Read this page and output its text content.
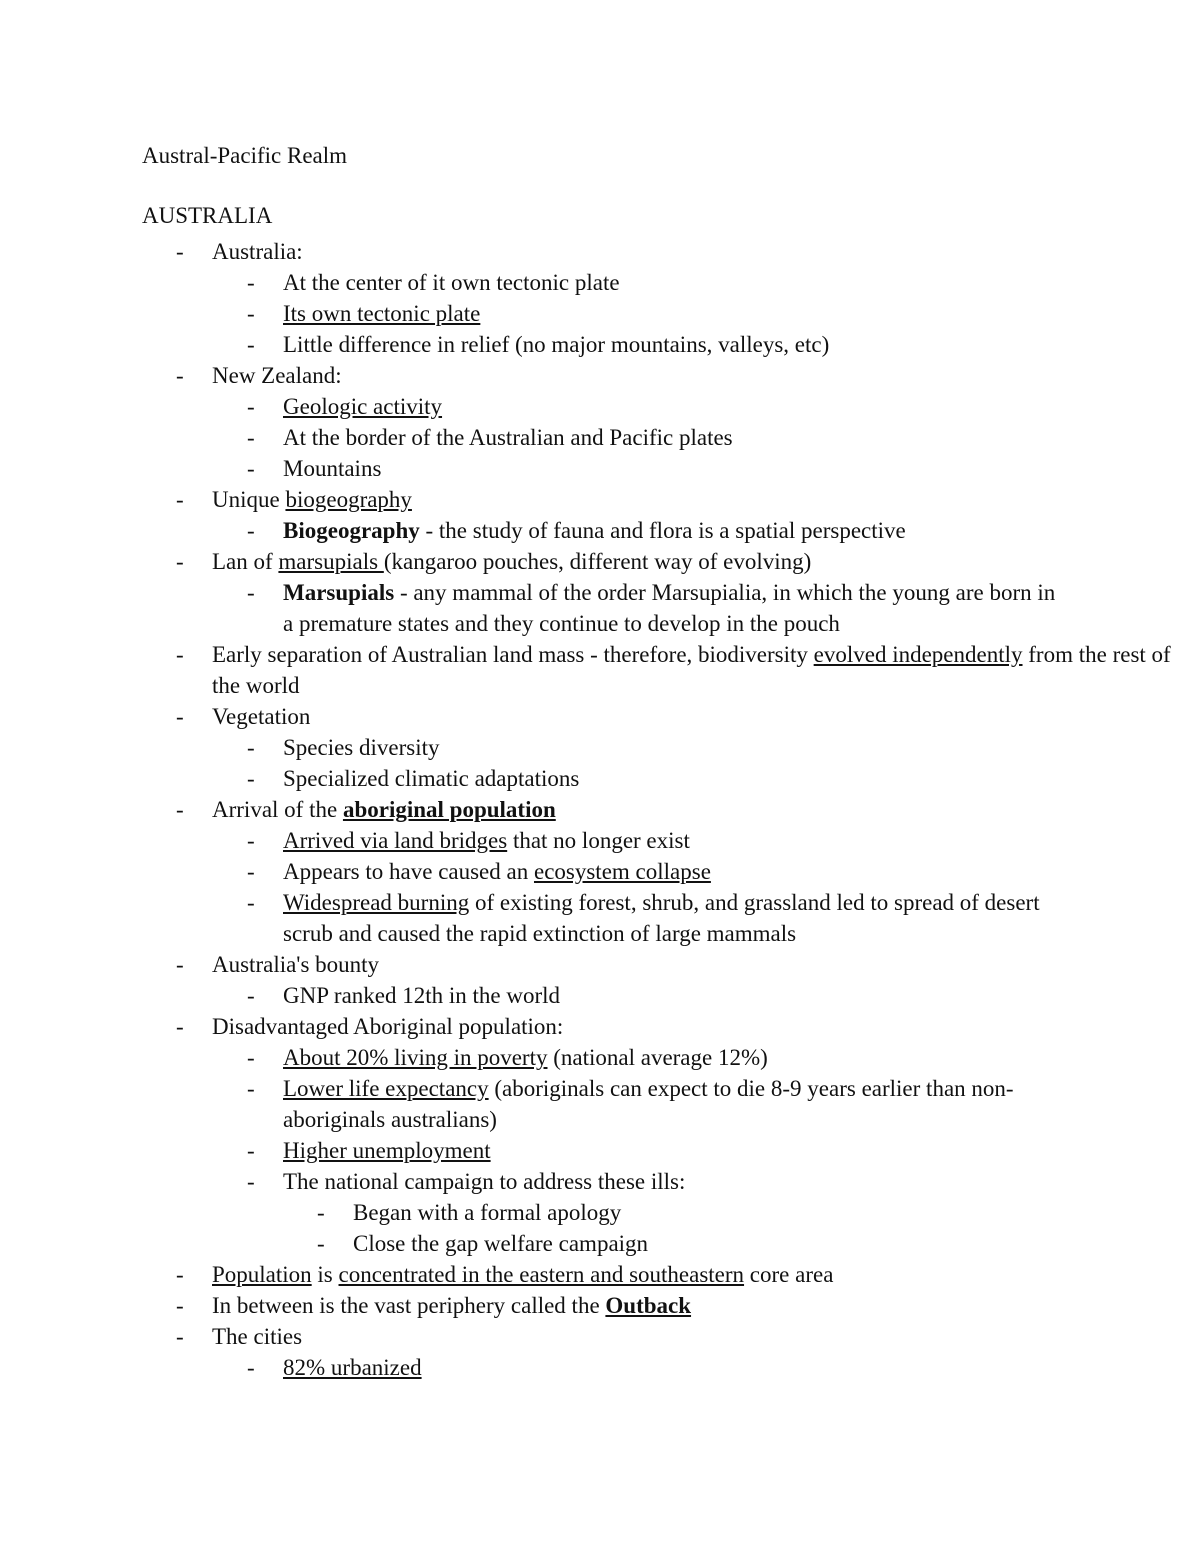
Austral-Pacific Realm
AUSTRALIA
- Australia:
- At the center of it own tectonic plate
- Its own tectonic plate
- Little difference in relief (no major mountains, valleys, etc)
- New Zealand:
- Geologic activity
- At the border of the Australian and Pacific plates
- Mountains
- Unique biogeography
- Biogeography - the study of fauna and flora is a spatial perspective
- Lan of marsupials (kangaroo pouches, different way of evolving)
- Marsupials - any mammal of the order Marsupialia, in which the young are born in a premature states and they continue to develop in the pouch
- Early separation of Australian land mass - therefore, biodiversity evolved independently from the rest of the world
- Vegetation
- Species diversity
- Specialized climatic adaptations
- Arrival of the aboriginal population
- Arrived via land bridges that no longer exist
- Appears to have caused an ecosystem collapse
- Widespread burning of existing forest, shrub, and grassland led to spread of desert scrub and caused the rapid extinction of large mammals
- Australia's bounty
- GNP ranked 12th in the world
- Disadvantaged Aboriginal population:
- About 20% living in poverty (national average 12%)
- Lower life expectancy (aboriginals can expect to die 8-9 years earlier than non-aboriginals australians)
- Higher unemployment
- The national campaign to address these ills:
- Began with a formal apology
- Close the gap welfare campaign
- Population is concentrated in the eastern and southeastern core area
- In between is the vast periphery called the Outback
- The cities
- 82% urbanized
